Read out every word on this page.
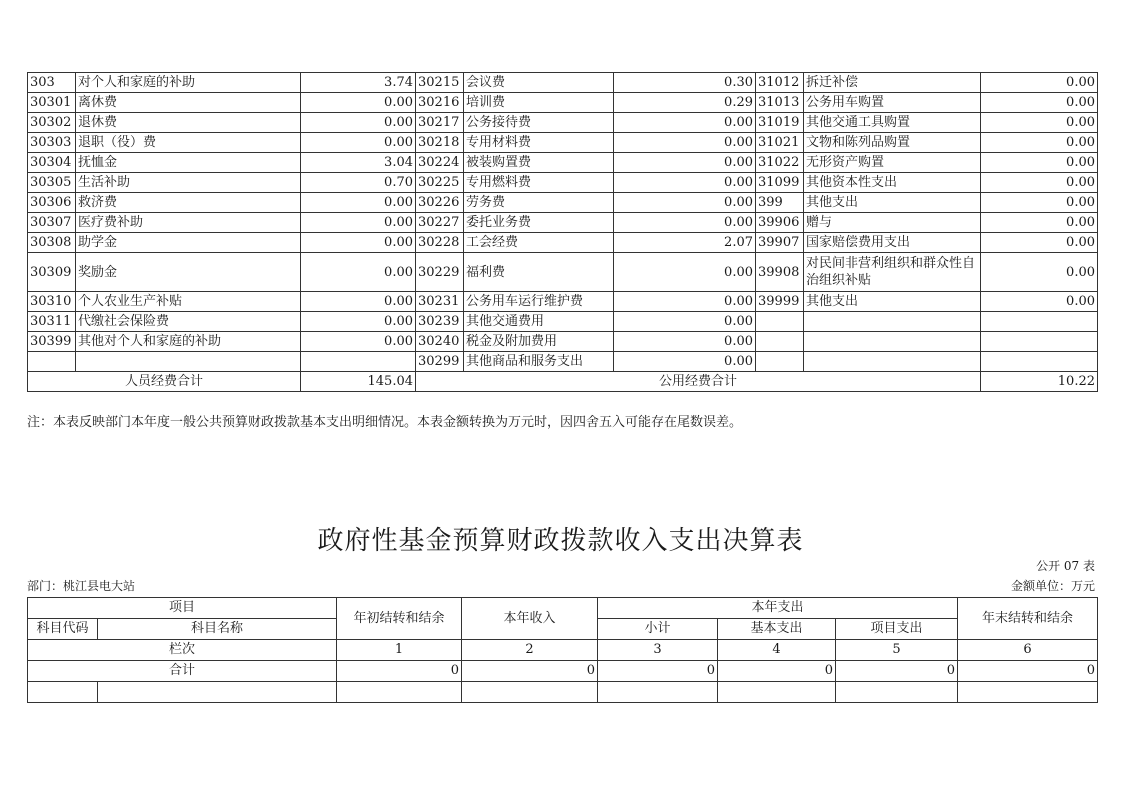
303	对个人和家庭的补助	3.74	30215	会议费	0.30	31012	拆迁补偿	0.00
30301	离休费	0.00	30216	培训费	0.29	31013	公务用车购置	0.00
30302	退休费	0.00	30217	公务接待费	0.00	31019	其他交通工具购置	0.00
30303	退职（役）费	0.00	30218	专用材料费	0.00	31021	文物和陈列品购置	0.00
30304	抚恤金	3.04	30224	被装购置费	0.00	31022	无形资产购置	0.00
30305	生活补助	0.70	30225	专用燃料费	0.00	31099	其他资本性支出	0.00
30306	救济费	0.00	30226	劳务费	0.00	399	其他支出	0.00
30307	医疗费补助	0.00	30227	委托业务费	0.00	39906	赠与	0.00
30308	助学金	0.00	30228	工会经费	2.07	39907	国家赔偿费用支出	0.00
30309	奖励金	0.00	30229	福利费	0.00	39908	对民间非营利组织和群众性自治组织补贴	0.00
30310	个人农业生产补贴	0.00	30231	公务用车运行维护费	0.00	39999	其他支出	0.00
30311	代缴社会保险费	0.00	30239	其他交通费用	0.00			
30399	其他对个人和家庭的补助	0.00	30240	税金及附加费用	0.00			
			30299	其他商品和服务支出	0.00			
人员经费合计		145.04	公用经费合计					10.22
注：本表反映部门本年度一般公共预算财政拨款基本支出明细情况。本表金额转换为万元时，因四舍五入可能存在尾数误差。
政府性基金预算财政拨款收入支出决算表
公开 07 表
部门：桃江县电大站	金额单位：万元
项目		年初结转和结余	本年收入	本年支出			年末结转和结余
科目代码	科目名称			小计	基本支出	项目支出	
栏次		1	2	3	4	5	6
合计		0	0	0	0	0	0
